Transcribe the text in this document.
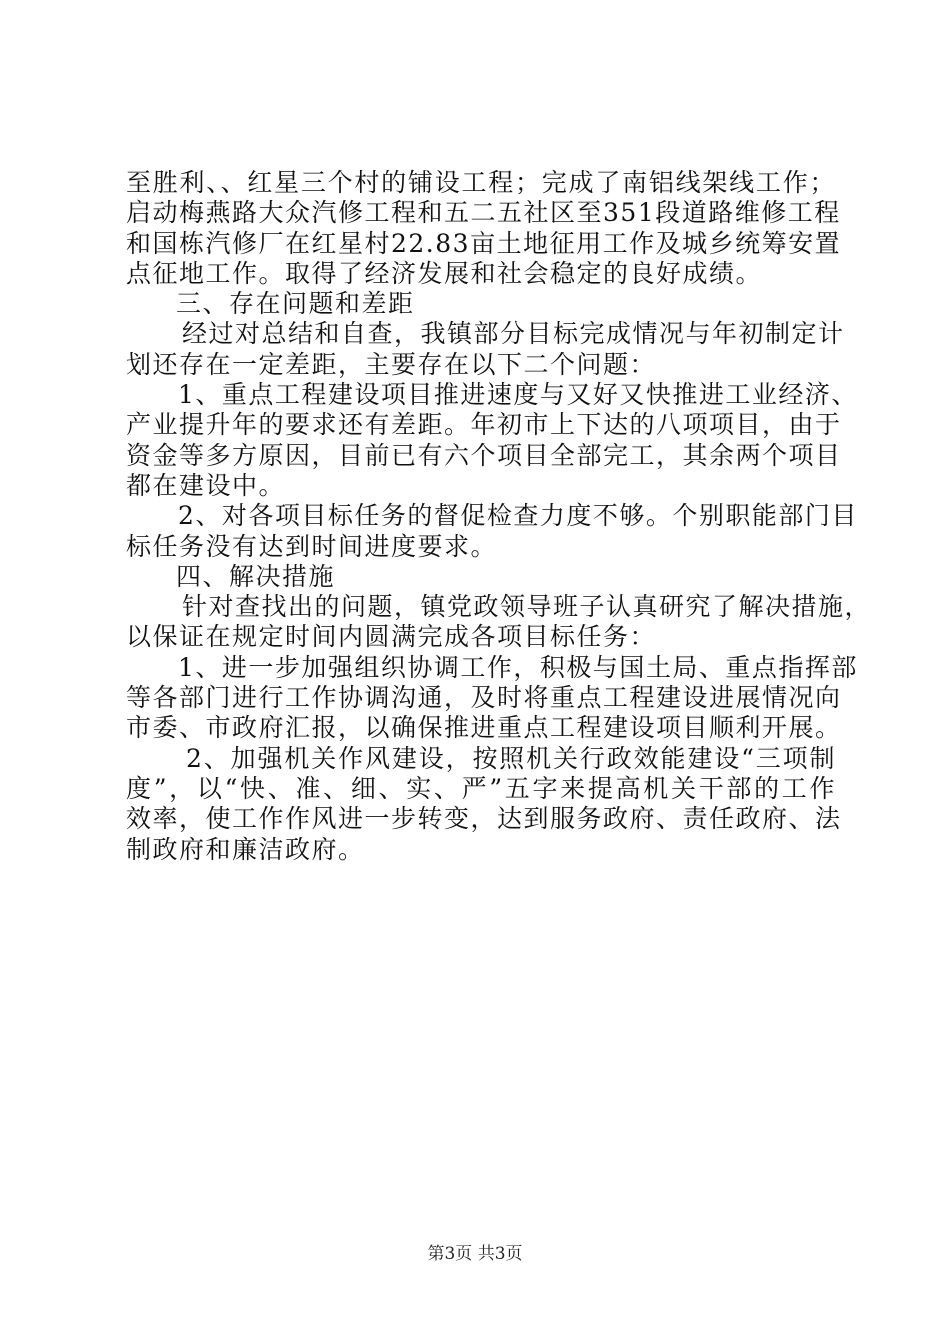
至胜利、、红星三个村的铺设工程；完成了南铝线架线工作；
启动梅燕路大众汽修工程和五二五社区至351段道路维修工程
和国栋汽修厂在红星村22.83亩土地征用工作及城乡统筹安置
点征地工作。取得了经济发展和社会稳定的良好成绩。
三、存在问题和差距
经过对总结和自查，我镇部分目标完成情况与年初制定计
划还存在一定差距，主要存在以下二个问题：
1、重点工程建设项目推进速度与又好又快推进工业经济、
产业提升年的要求还有差距。年初市上下达的八项项目，由于
资金等多方原因，目前已有六个项目全部完工，其余两个项目
都在建设中。
2、对各项目标任务的督促检查力度不够。个别职能部门目
标任务没有达到时间进度要求。
四、解决措施
针对查找出的问题，镇党政领导班子认真研究了解决措施，
以保证在规定时间内圆满完成各项目标任务：
1、进一步加强组织协调工作，积极与国土局、重点指挥部
等各部门进行工作协调沟通，及时将重点工程建设进展情况向
市委、市政府汇报，以确保推进重点工程建设项目顺利开展。
2、加强机关作风建设，按照机关行政效能建设“三项制
度”，以“快、准、细、实、严”五字来提高机关干部的工作
效率，使工作作风进一步转变，达到服务政府、责任政府、法
制政府和廉洁政府。
第3页 共3页
